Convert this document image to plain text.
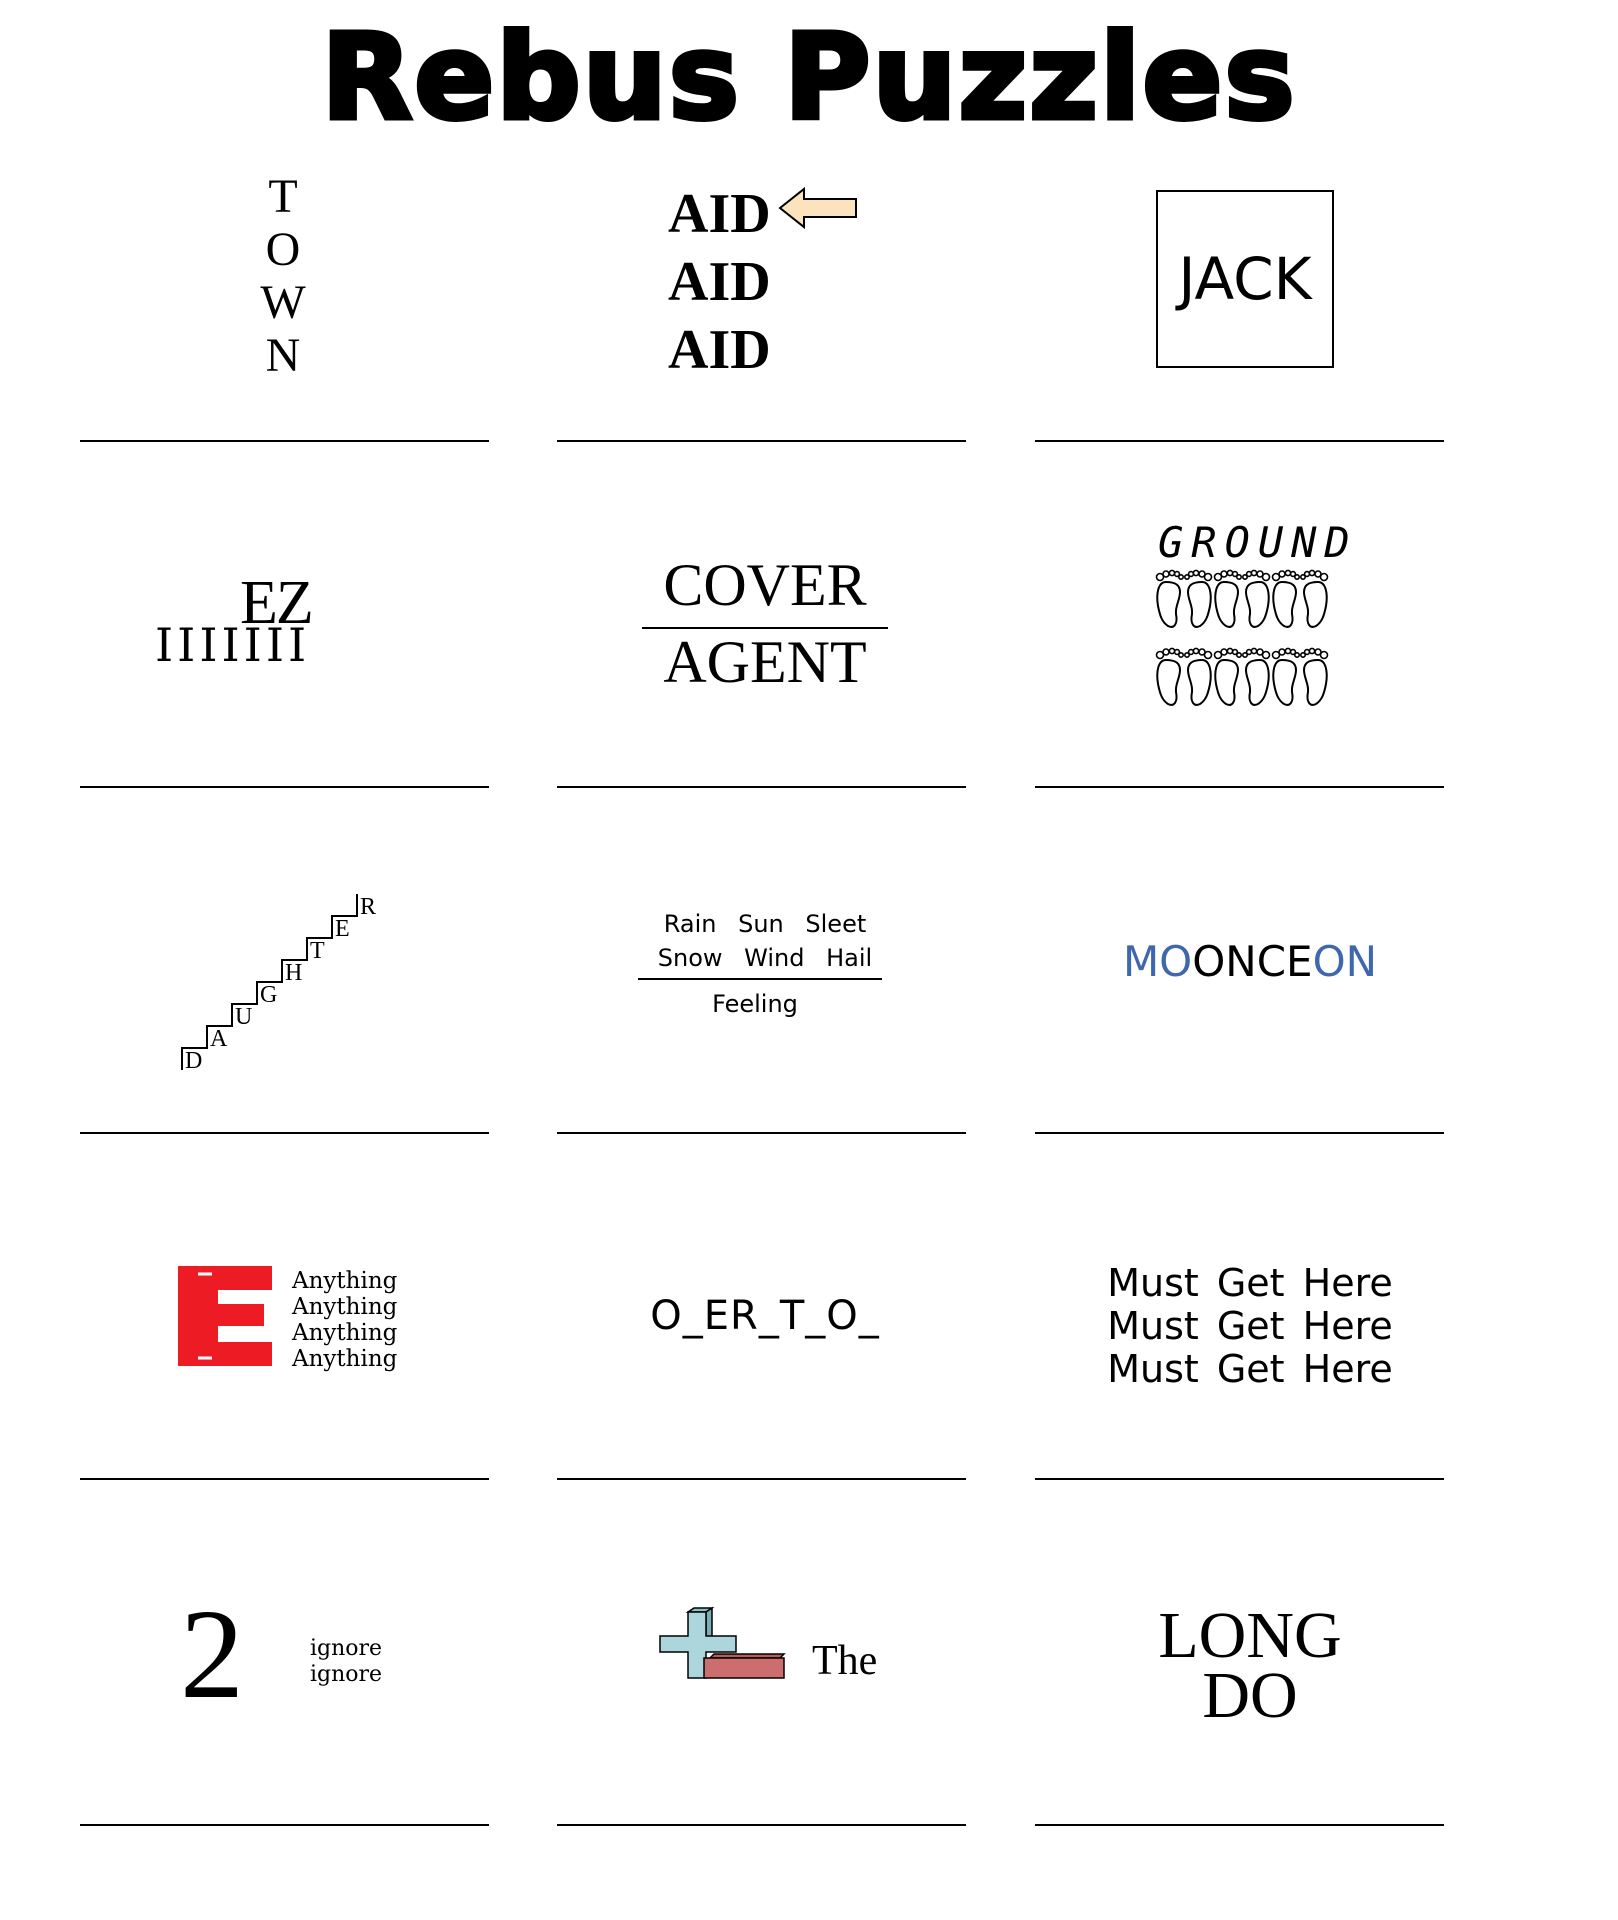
Rebus Puzzles
T
O
W
N
AID
AID
AID
JACK
EZ
IIIIIII
COVER
AGENT
GROUND
D
A
U
G
H
T
E
R
Rain Sun Sleet
Snow Wind Hail
Feeling
MOONCEON
Anything
Anything
Anything
Anything
O_ER_T_O_
Must Get Here
Must Get Here
Must Get Here
2	ignore
ignore	The	LONG
DO
